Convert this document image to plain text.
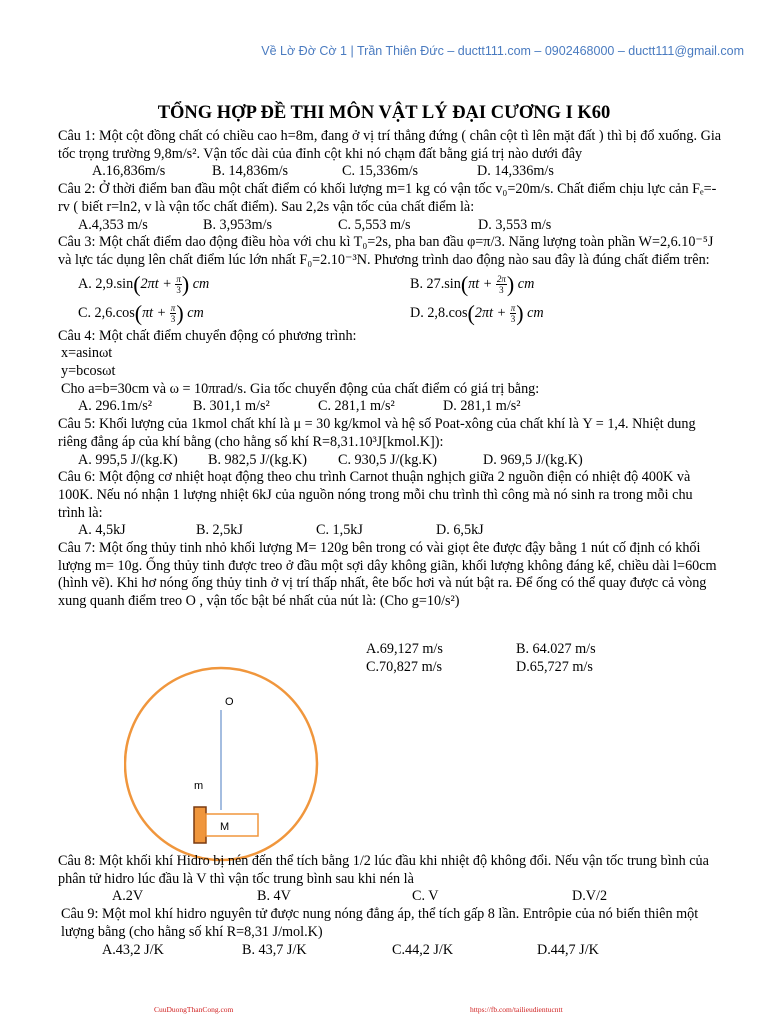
Về Lờ Đờ Cờ 1 | Trần Thiên Đức – ductt111.com – 0902468000 – ductt111@gmail.com
TỔNG HỢP ĐỀ THI MÔN VẬT LÝ ĐẠI CƯƠNG I K60

Câu 1: Một cột đồng chất có chiều cao h=8m, đang ở vị trí thẳng đứng ( chân cột tì lên mặt đất ) thì bị đổ xuống. Gia tốc trọng trường 9,8m/s². Vận tốc dài của đỉnh cột khi nó chạm đất bằng giá trị nào dưới đây

A.16,836m/s	B. 14,836m/s	C. 15,336m/s	D. 14,336m/s

Câu 2: Ở thời điểm ban đầu một chất điểm có khối lượng m=1 kg có vận tốc v₀=20m/s. Chất điểm chịu lực cản Fₑ=-rv ( biết r=ln2, v là vận tốc chất điểm). Sau 2,2s vận tốc của chất điểm là:

A.4,353 m/s	B. 3,953m/s	C. 5,553 m/s	D. 3,553 m/s

Câu 3: Một chất điểm dao động điều hòa với chu kì T₀=2s, pha ban đầu φ=π/3. Năng lượng toàn phần W=2,6.10⁻⁵J và lực tác dụng lên chất điểm lúc lớn nhất F₀=2.10⁻³N. Phương trình dao động nào sau đây là đúng chất điểm trên:

A. $2,9.\sin(2\pi t + \frac{\pi}{3}$ ) cm	B. $27.\sin(\pi t + \frac{2\pi}{3}$ ) cm
C. $2,6.\cos(\pi t + \frac{\pi}{3}$ ) cm	D. $2,8.\cos(2\pi t + \frac{\pi}{3}$ ) cm

Câu 4: Một chất điểm chuyển động có phương trình:

x=asinωt

y=bcosωt

Cho a=b=30cm và ω = 10πrad/s. Gia tốc chuyển động của chất điểm có giá trị bằng:

A. 296.1m/s²	B. 301,1 m/s²	C. 281,1 m/s²	D. 281,1 m/s²

Câu 5: Khối lượng của 1kmol chất khí là μ = 30 kg/kmol và hệ số Poat-xông của chất khí là Υ = 1,4. Nhiệt dung riêng đẳng áp của khí bằng (cho hằng số khí R=8,31.10³J[kmol.K]):

A. 995,5 J/(kg.K)	B. 982,5 J/(kg.K)	C. 930,5 J/(kg.K)	D. 969,5 J/(kg.K)

Câu 6: Một động cơ nhiệt hoạt động theo chu trình Carnot thuận nghịch giữa 2 nguồn điện có nhiệt độ 400K và 100K. Nếu nó nhận 1 lượng nhiệt 6kJ của nguồn nóng trong mỗi chu trình thì công mà nó sinh ra trong mỗi chu trình là:

A. 4,5kJ	B. 2,5kJ	C. 1,5kJ	D. 6,5kJ

Câu 7: Một ống thủy tinh nhỏ khối lượng M= 120g bên trong có vài giọt ête được đậy bằng 1 nút cố định có khối lượng m= 10g. Ống thủy tinh được treo ở đầu một sợi dây không giãn, khối lượng không đáng kể, chiều dài l=60cm (hình vẽ). Khi hơ nóng ống thủy tinh ở vị trí thấp nhất, ête bốc hơi và nút bật ra. Để ống có thể quay được cả vòng xung quanh điểm treo O , vận tốc bật bé nhất của nút là: (Cho g=10/s²)

A.69,127 m/s	B. 64.027 m/s
C.70,827 m/s	D.65,727 m/s
O
m
M

Câu 8: Một khối khí Hidro bị nén đến thể tích bằng 1/2 lúc đầu khi nhiệt độ không đổi. Nếu vận tốc trung bình của phân tử hidro lúc đầu là V thì vận tốc trung bình sau khi nén là

A.2V	B. 4V	C. V	D.V/2

Câu 9: Một mol khí hidro nguyên tử được nung nóng đẳng áp, thể tích gấp 8 lần. Entrôpie của nó biến thiên một lượng bằng (cho hằng số khí R=8,31 J/mol.K)

A.43,2 J/K	B. 43,7 J/K	C.44,2 J/K	D.44,7 J/K
CuuDuongThanCong.com	https://fb.com/tailieudientucntt
